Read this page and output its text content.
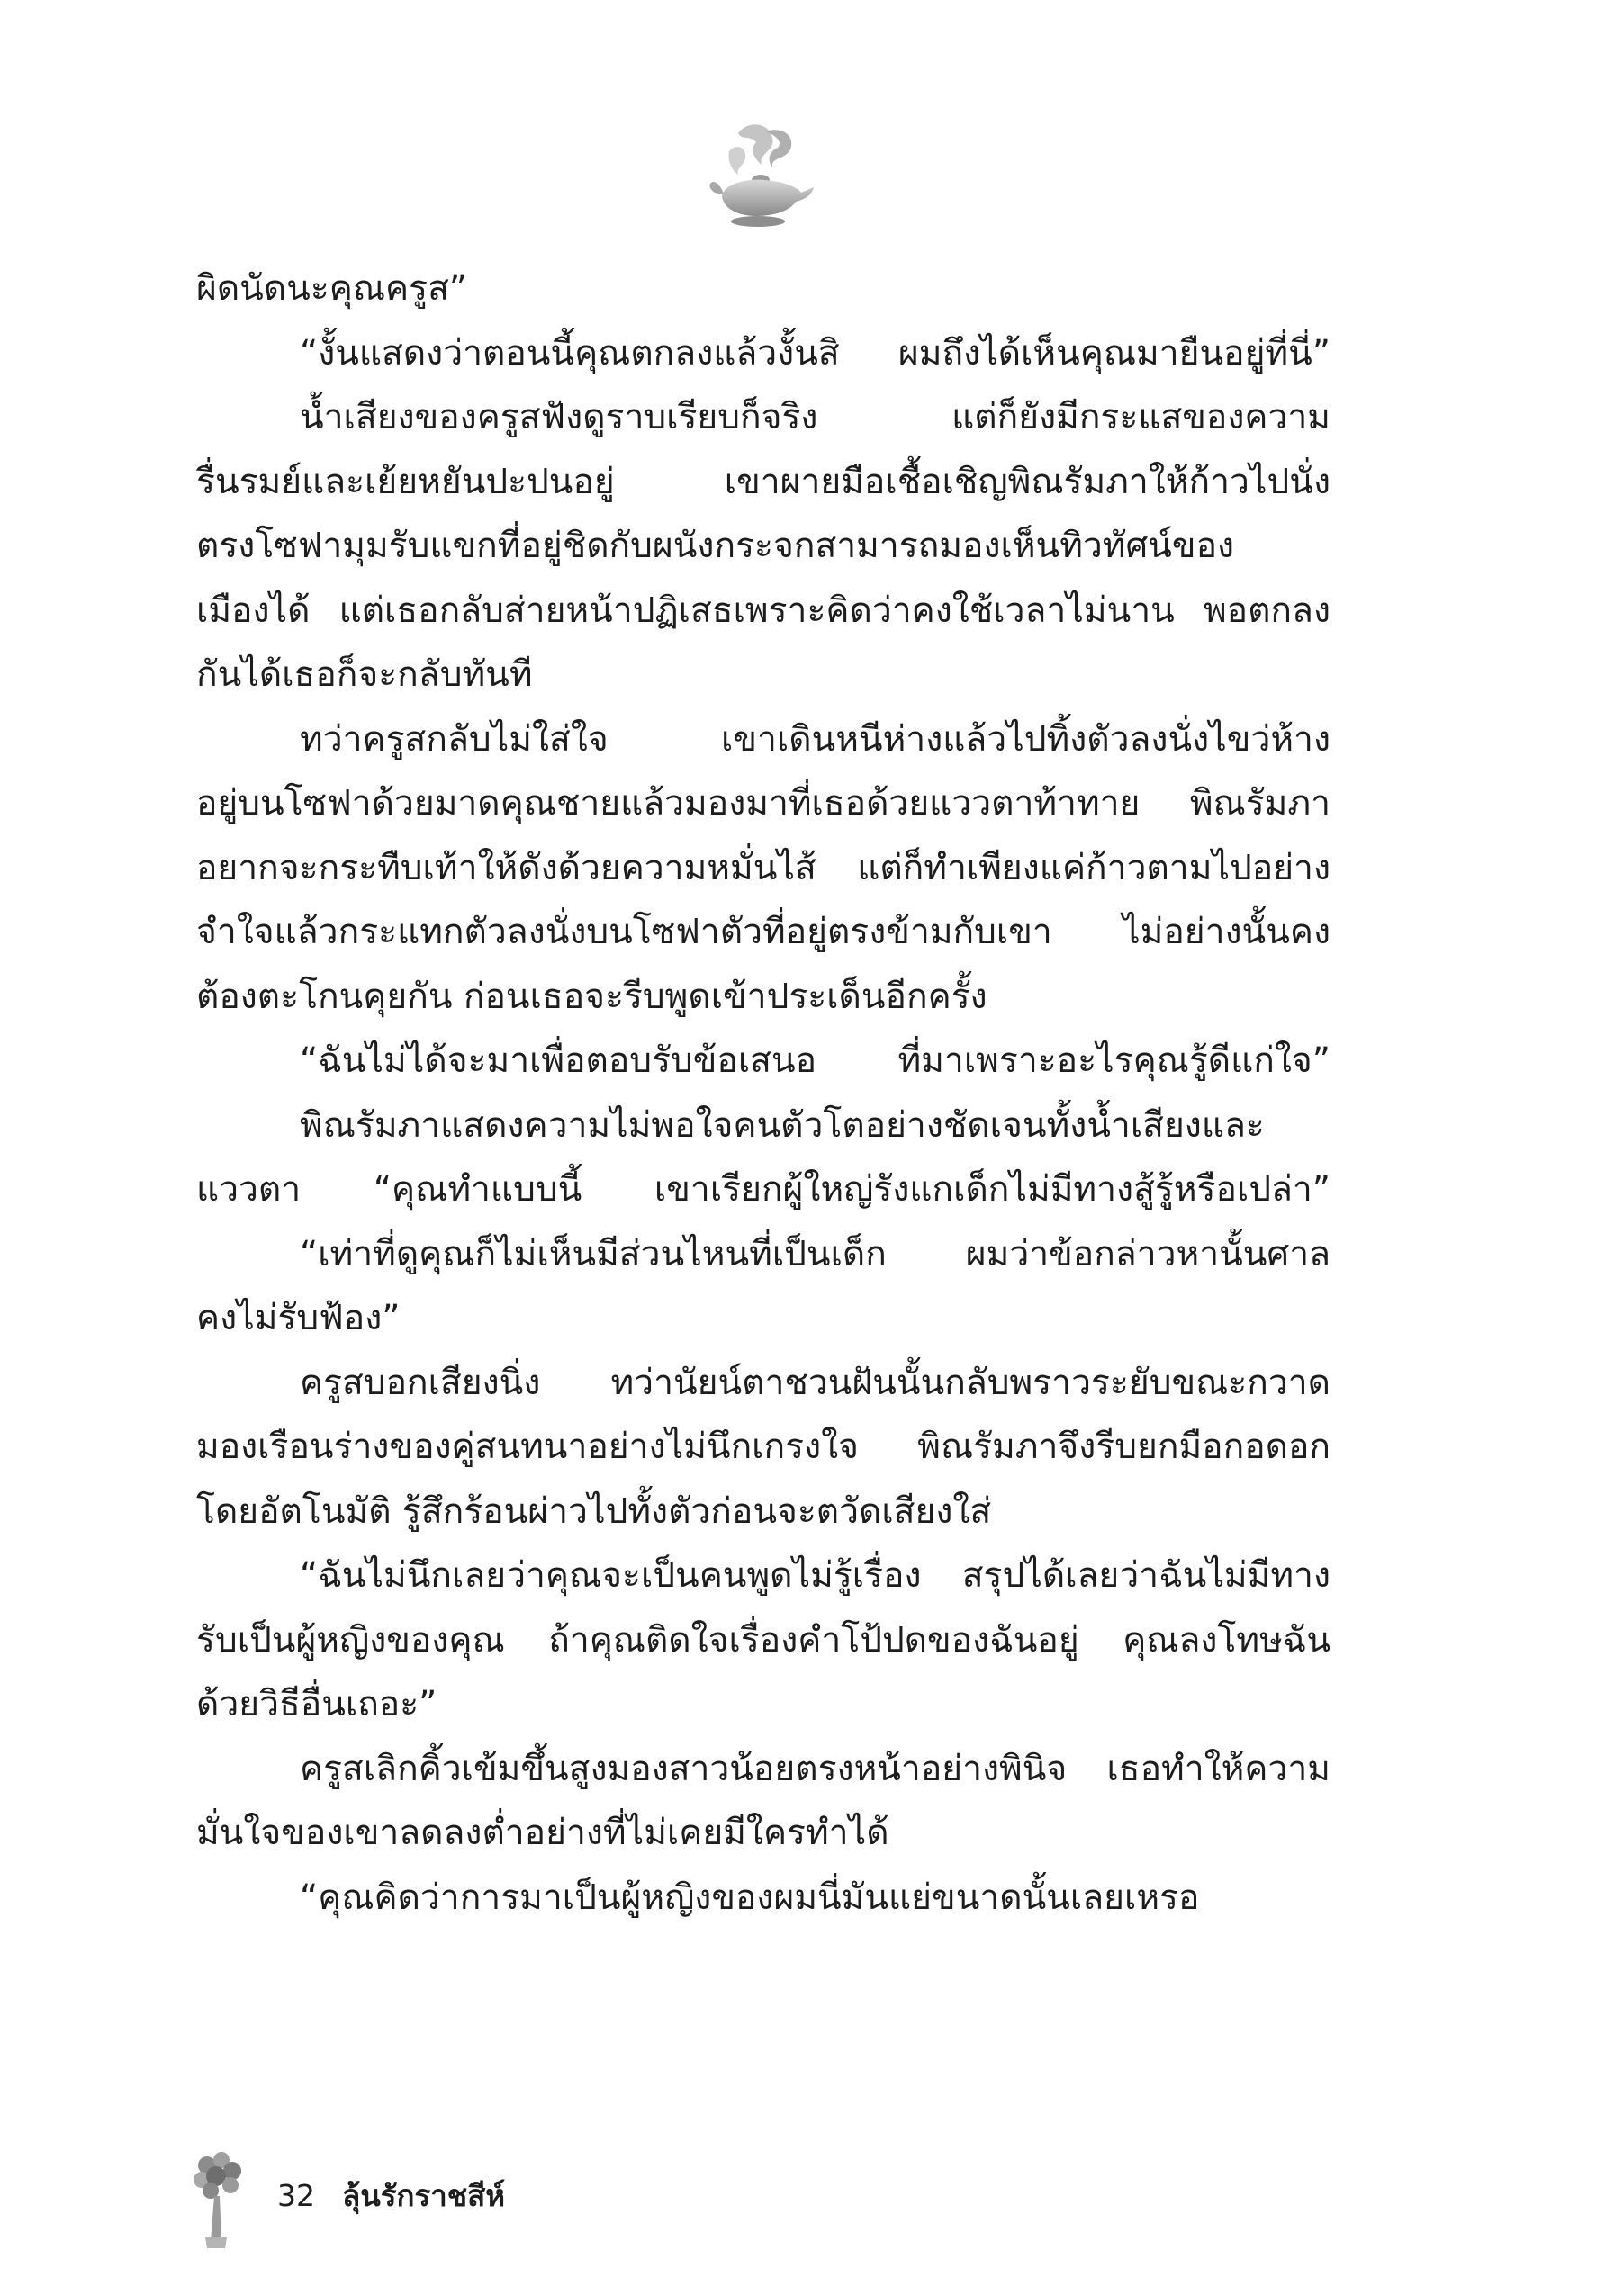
ผิดนัดนะคุณครูส”
“งั้นแสดงว่าตอนนี้คุณตกลงแล้วงั้นสิ ผมถึงได้เห็นคุณมายืนอยู่ที่นี่”
น้ำเสียงของครูสฟังดูราบเรียบก็จริง แต่ก็ยังมีกระแสของความ
รื่นรมย์และเย้ยหยันปะปนอยู่ เขาผายมือเชื้อเชิญพิณรัมภาให้ก้าวไปนั่ง
ตรงโซฟามุมรับแขกที่อยู่ชิดกับผนังกระจกสามารถมองเห็นทิวทัศน์ของ
เมืองได้ แต่เธอกลับส่ายหน้าปฏิเสธเพราะคิดว่าคงใช้เวลาไม่นาน พอตกลง
กันได้เธอก็จะกลับทันที
ทว่าครูสกลับไม่ใส่ใจ เขาเดินหนีห่างแล้วไปทิ้งตัวลงนั่งไขว่ห้าง
อยู่บนโซฟาด้วยมาดคุณชายแล้วมองมาที่เธอด้วยแววตาท้าทาย พิณรัมภา
อยากจะกระทืบเท้าให้ดังด้วยความหมั่นไส้ แต่ก็ทำเพียงแค่ก้าวตามไปอย่าง
จำใจแล้วกระแทกตัวลงนั่งบนโซฟาตัวที่อยู่ตรงข้ามกับเขา ไม่อย่างนั้นคง
ต้องตะโกนคุยกัน ก่อนเธอจะรีบพูดเข้าประเด็นอีกครั้ง
“ฉันไม่ได้จะมาเพื่อตอบรับข้อเสนอ ที่มาเพราะอะไรคุณรู้ดีแก่ใจ”
พิณรัมภาแสดงความไม่พอใจคนตัวโตอย่างชัดเจนทั้งน้ำเสียงและ
แววตา “คุณทำแบบนี้ เขาเรียกผู้ใหญ่รังแกเด็กไม่มีทางสู้รู้หรือเปล่า”
“เท่าที่ดูคุณก็ไม่เห็นมีส่วนไหนที่เป็นเด็ก ผมว่าข้อกล่าวหานั้นศาล
คงไม่รับฟ้อง”
ครูสบอกเสียงนิ่ง ทว่านัยน์ตาชวนฝันนั้นกลับพราวระยับขณะกวาด
มองเรือนร่างของคู่สนทนาอย่างไม่นึกเกรงใจ พิณรัมภาจึงรีบยกมือกอดอก
โดยอัตโนมัติ รู้สึกร้อนผ่าวไปทั้งตัวก่อนจะตวัดเสียงใส่
“ฉันไม่นึกเลยว่าคุณจะเป็นคนพูดไม่รู้เรื่อง สรุปได้เลยว่าฉันไม่มีทาง
รับเป็นผู้หญิงของคุณ ถ้าคุณติดใจเรื่องคำโป้ปดของฉันอยู่ คุณลงโทษฉัน
ด้วยวิธีอื่นเถอะ”
ครูสเลิกคิ้วเข้มขึ้นสูงมองสาวน้อยตรงหน้าอย่างพินิจ เธอทำให้ความ
มั่นใจของเขาลดลงต่ำอย่างที่ไม่เคยมีใครทำได้
“คุณคิดว่าการมาเป็นผู้หญิงของผมนี่มันแย่ขนาดนั้นเลยเหรอ
32 ลุ้นรักราชสีห์
